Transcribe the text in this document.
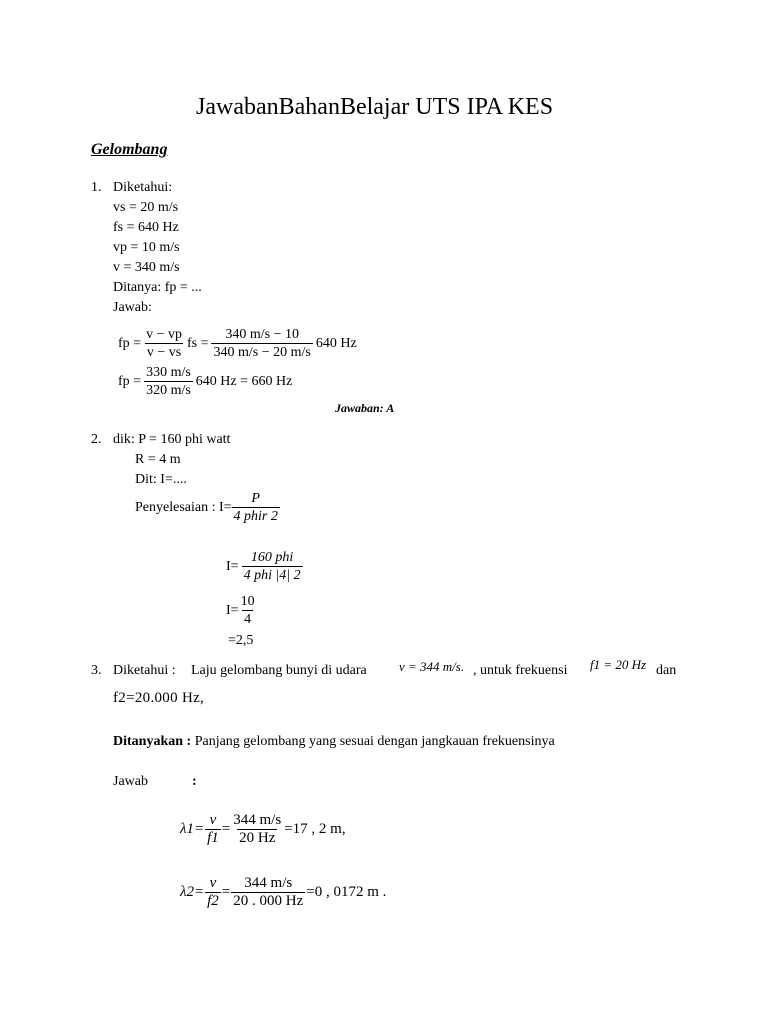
JawabanBahanBelajar UTS IPA KES
Gelombang
1. Diketahui:
vs = 20 m/s
fs = 640 Hz
vp = 10 m/s
v = 340 m/s
Ditanya: fp = ...
Jawab:
fp = $\frac{v - vp}{v - vs}$ fs = $\frac{340 m/s - 10}{340 m/s - 20 m/s} 640$ Hz
fp = $\frac{330 m/s}{320 m/s} 640$ Hz = 660 Hz
Jawaban: A
2. dik: P = 160 phi watt
R = 4 m
Dit: I=....
Penyelesaian : $I= \frac{P}{\text{4 phir 2}}$
$I= \frac{\text{160 phi}}{\text{4 phi |4| 2}}$
$I= \frac{10}{4}$
=2,5
3. Diketahui : Laju gelombang bunyi di udara v = 344 m/s. , untuk frekuensi f1 = 20 Hz dan
f2=20.000 Hz,
Ditanyakan : Panjang gelombang yang sesuai dengan jangkauan frekuensinya
Jawab	:
$\lambda 1= \frac{v}{f1} = \frac{344 m/s}{20 Hz} =17$ , 2 m,
$\lambda 2= \frac{v}{f2} = \frac{344 m/s}{20 . 000 Hz} =0$ , 0172 m .
